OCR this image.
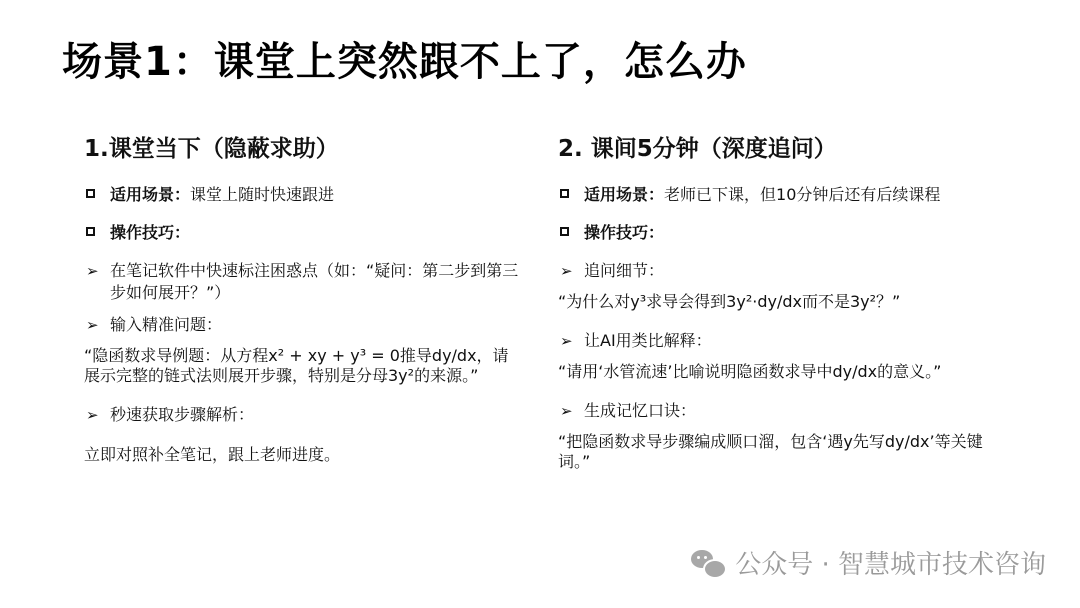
场景1：课堂上突然跟不上了，怎么办
1.课堂当下（隐蔽求助）
适用场景：课堂上随时快速跟进
操作技巧：
➢ 在笔记软件中快速标注困惑点（如：“疑问：第二步到第三步如何展开？”）
➢ 输入精准问题：
“隐函数求导例题：从方程x² + xy + y³ = 0推导dy/dx，请展示完整的链式法则展开步骤，特别是分母3y²的来源。”
➢ 秒速获取步骤解析：
立即对照补全笔记，跟上老师进度。
2. 课间5分钟（深度追问）
适用场景：老师已下课，但10分钟后还有后续课程
操作技巧：
➢ 追问细节：
“为什么对y³求导会得到3y²·dy/dx而不是3y²？”
➢ 让AI用类比解释：
“请用‘水管流速’比喻说明隐函数求导中dy/dx的意义。”
➢ 生成记忆口诀：
“把隐函数求导步骤编成顺口溜，包含‘遇y先写dy/dx’等关键词。”
公众号 · 智慧城市技术咨询
